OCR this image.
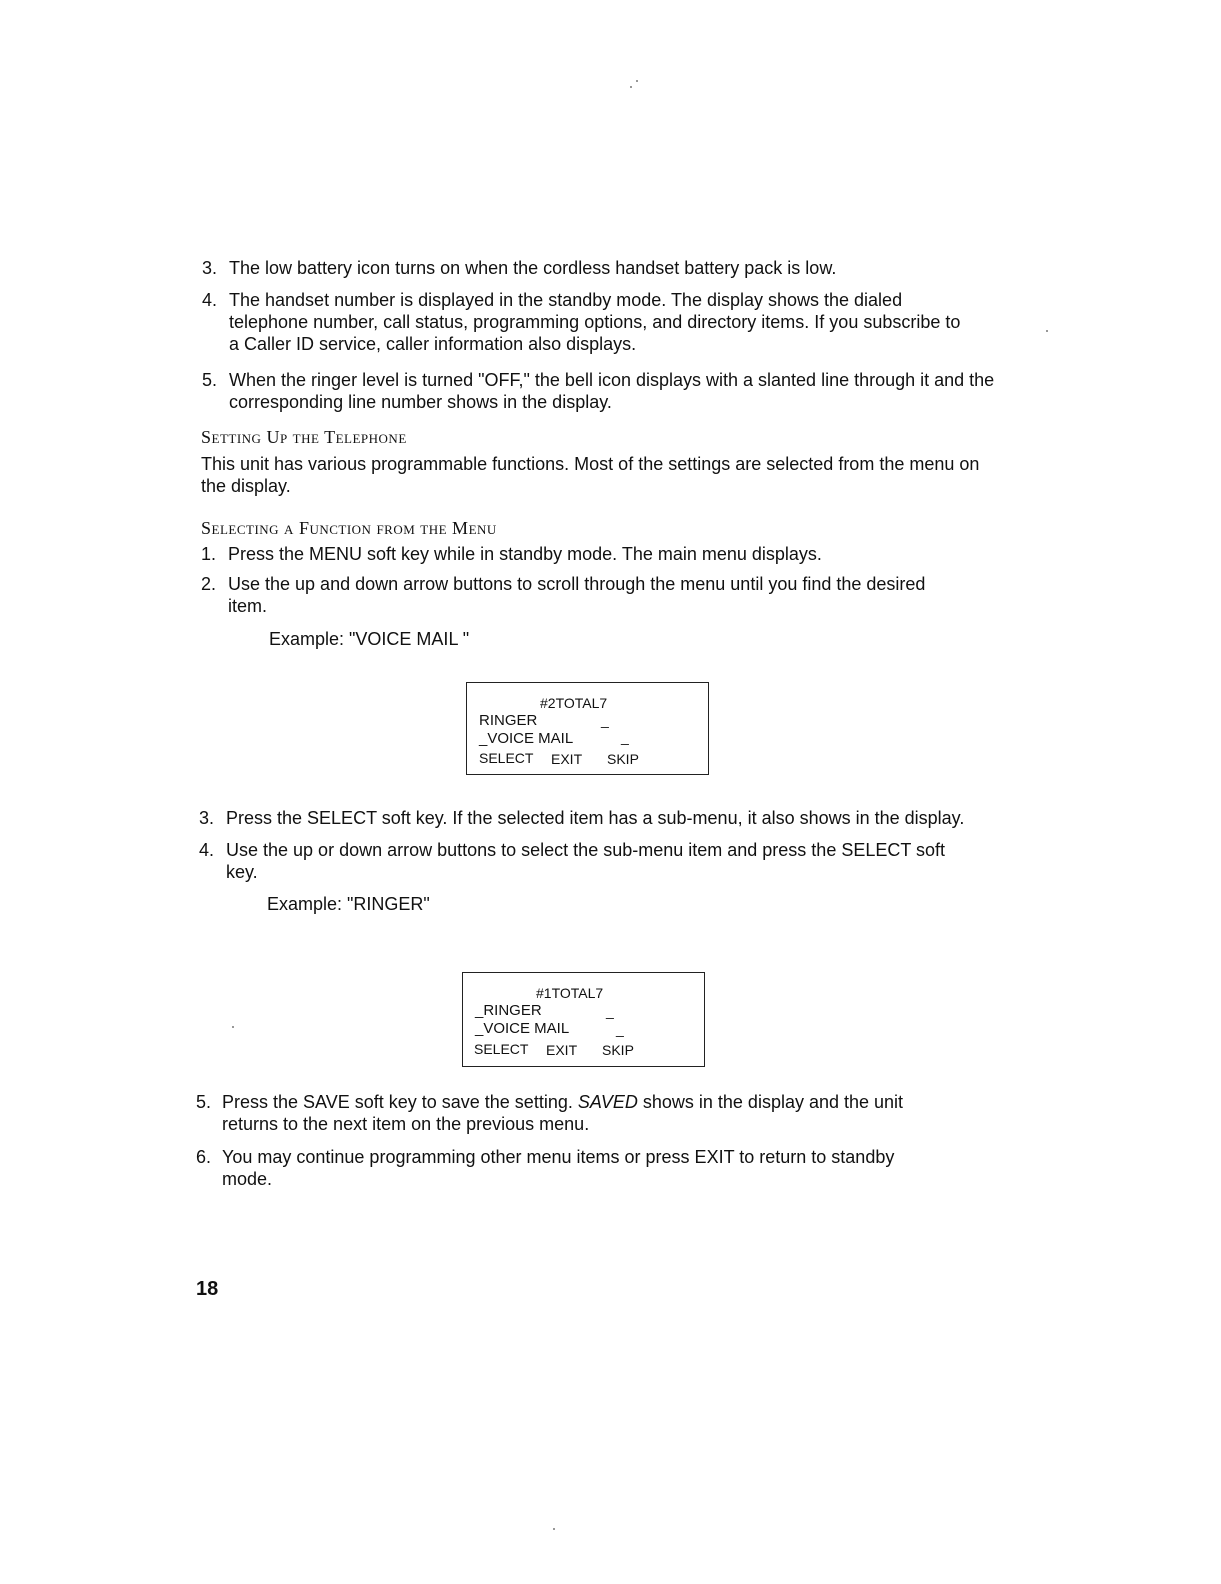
3. The low battery icon turns on when the cordless handset battery pack is low.
4. The handset number is displayed in the standby mode. The display shows the dialed telephone number, call status, programming options, and directory items. If you subscribe to a Caller ID service, caller information also displays.
5. When the ringer level is turned "OFF," the bell icon displays with a slanted line through it and the corresponding line number shows in the display.
Setting Up the Telephone
This unit has various programmable functions. Most of the settings are selected from the menu on the display.
Selecting a Function from the Menu
1. Press the MENU soft key while in standby mode. The main menu displays.
2. Use the up and down arrow buttons to scroll through the menu until you find the desired item.
Example: "VOICE MAIL "
#2TOTAL7
RINGER	_
_VOICE MAIL	_
SELECT EXIT SKIP
3. Press the SELECT soft key. If the selected item has a sub-menu, it also shows in the display.
4. Use the up or down arrow buttons to select the sub-menu item and press the SELECT soft key.
Example: "RINGER"
#1TOTAL7
_RINGER	_
_VOICE MAIL	_
SELECT EXIT SKIP
5. Press the SAVE soft key to save the setting. SAVED shows in the display and the unit returns to the next item on the previous menu.
6. You may continue programming other menu items or press EXIT to return to standby mode.
18
